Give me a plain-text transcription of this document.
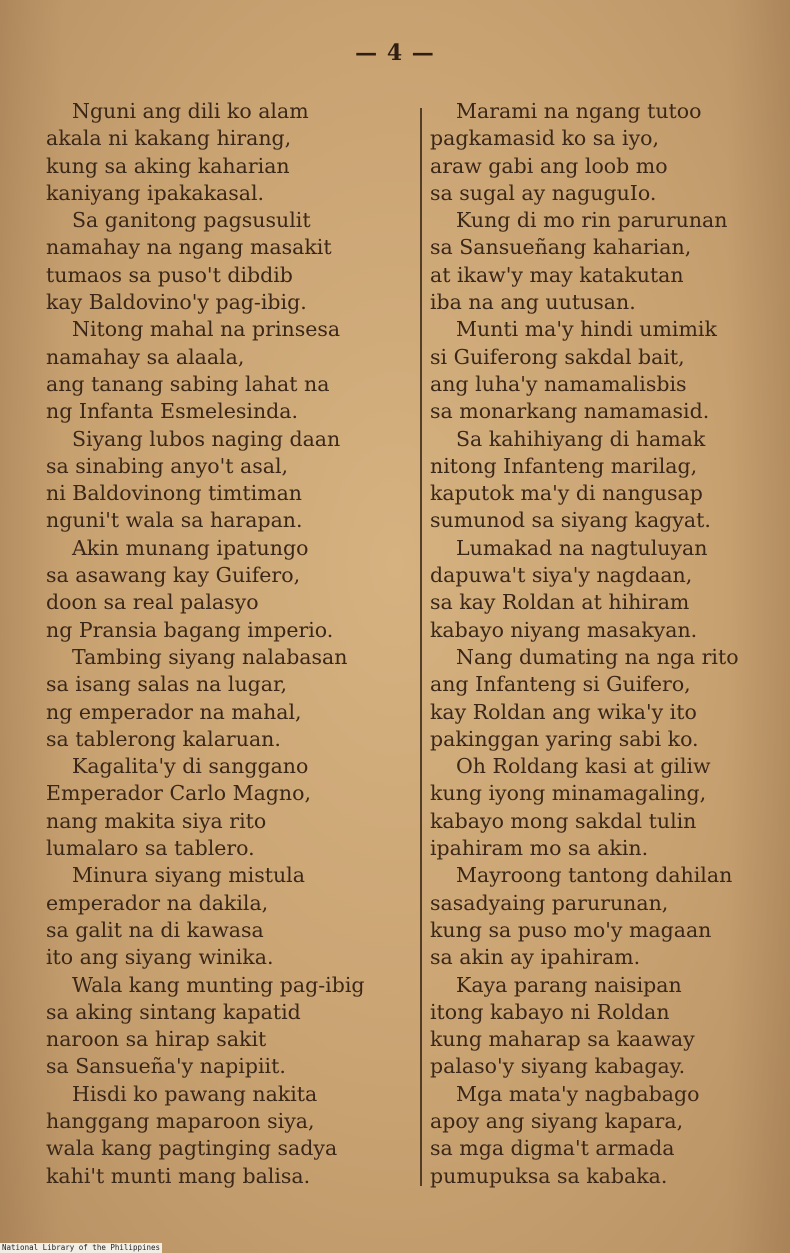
— 4 —
Nguni ang dili ko alam
akala ni kakang hirang,
kung sa aking kaharian
kaniyang ipakakasal.
Sa ganitong pagsusulit
namahay na ngang masakit
tumaos sa puso't dibdib
kay Baldovino'y pag-ibig.
Nitong mahal na prinsesa
namahay sa alaala,
ang tanang sabing lahat na
ng Infanta Esmelesinda.
Siyang lubos naging daan
sa sinabing anyo't asal,
ni Baldovinong timtiman
nguni't wala sa harapan.
Akin munang ipatungo
sa asawang kay Guifero,
doon sa real palasyo
ng Pransia bagang imperio.
Tambing siyang nalabasan
sa isang salas na lugar,
ng emperador na mahal,
sa tablerong kalaruan.
Kagalita'y di sanggano
Emperador Carlo Magno,
nang makita siya rito
lumalaro sa tablero.
Minura siyang mistula
emperador na dakila,
sa galit na di kawasa
ito ang siyang winika.
Wala kang munting pag-ibig
sa aking sintang kapatid
naroon sa hirap sakit
sa Sansueña'y napipiit.
Hisdi ko pawang nakita
hanggang maparoon siya,
wala kang pagtinging sadya
kahi't munti mang balisa.
Marami na ngang tutoo
pagkamasid ko sa iyo,
araw gabi ang loob mo
sa sugal ay naguguIo.
Kung di mo rin parurunan
sa Sansueñang kaharian,
at ikaw'y may katakutan
iba na ang uutusan.
Munti ma'y hindi umimik
si Guiferong sakdal bait,
ang luha'y namamalisbis
sa monarkang namamasid.
Sa kahihiyang di hamak
nitong Infanteng marilag,
kaputok ma'y di nangusap
sumunod sa siyang kagyat.
Lumakad na nagtuluyan
dapuwa't siya'y nagdaan,
sa kay Roldan at hihiram
kabayo niyang masakyan.
Nang dumating na nga rito
ang Infanteng si Guifero,
kay Roldan ang wika'y ito
pakinggan yaring sabi ko.
Oh Roldang kasi at giliw
kung iyong minamagaling,
kabayo mong sakdal tulin
ipahiram mo sa akin.
Mayroong tantong dahilan
sasadyaing parurunan,
kung sa puso mo'y magaan
sa akin ay ipahiram.
Kaya parang naisipan
itong kabayo ni Roldan
kung maharap sa kaaway
palaso'y siyang kabagay.
Mga mata'y nagbabago
apoy ang siyang kapara,
sa mga digma't armada
pumupuksa sa kabaka.
National Library of the Philippines
